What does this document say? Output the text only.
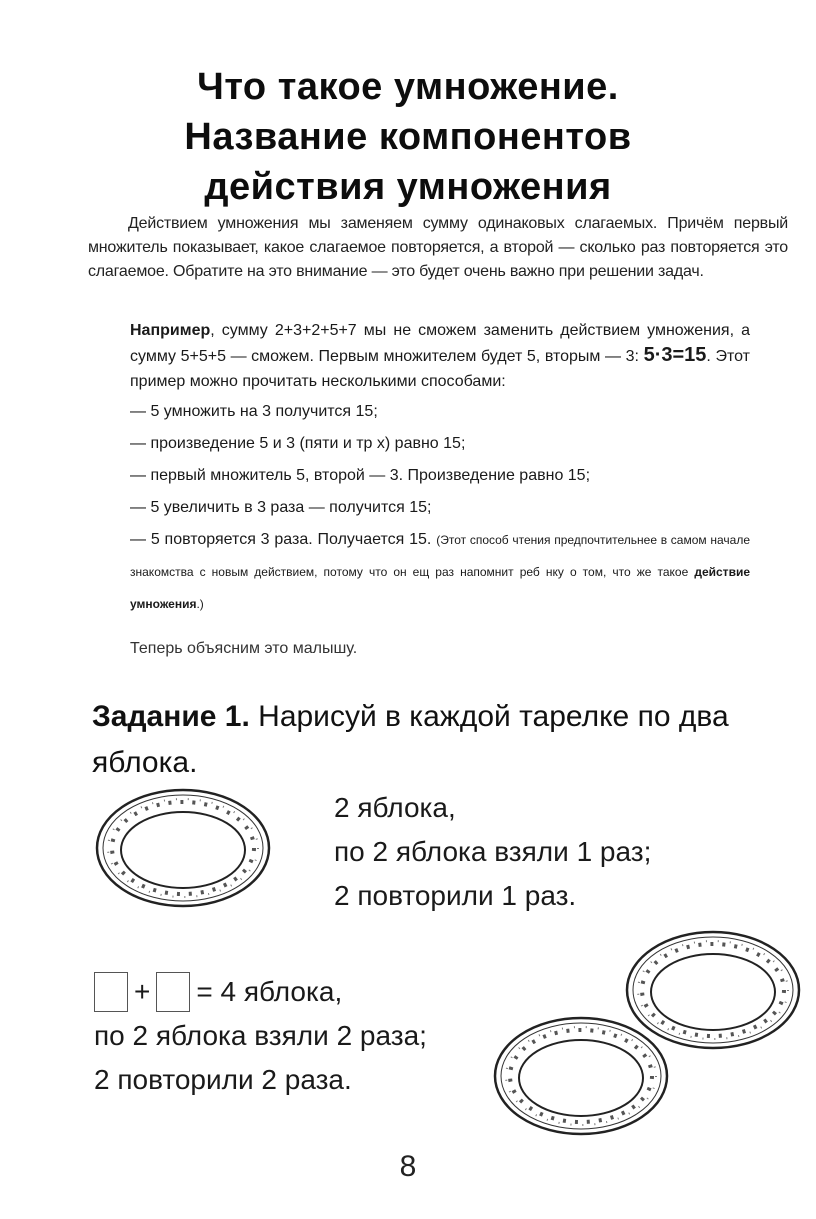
Что такое умножение.
Название компонентов
действия умножения

Действием умножения мы заменяем сумму одинаковых слагаемых. Причём первый множитель показывает, какое слагаемое повторяется, а второй — сколько раз повторяется это слагаемое. Обратите на это внимание — это будет очень важно при решении задач.

Например, сумму 2+3+2+5+7 мы не сможем заменить действием умножения, а сумму 5+5+5 — сможем. Первым множителем будет 5, вторым — 3: 5·3=15. Этот пример можно прочитать несколькими способами:

— 5 умножить на 3 получится 15;
— произведение 5 и 3 (пяти и тр х) равно 15;
— первый множитель 5, второй — 3. Произведение равно 15;
— 5 увеличить в 3 раза — получится 15;
— 5 повторяется 3 раза. Получается 15. (Этот способ чтения предпочтительнее в самом начале знакомства с новым действием, потому что он ещ раз напомнит реб нку о том, что же такое действие умножения.)
Теперь объясним это малышу.
Задание 1. Нарисуй в каждой тарелке по два яблока.
2 яблока,
по 2 яблока взяли 1 раз;
2 повторили 1 раз.
+ = 4 яблока,
по 2 яблока взяли 2 раза;
2 повторили 2 раза.
8
